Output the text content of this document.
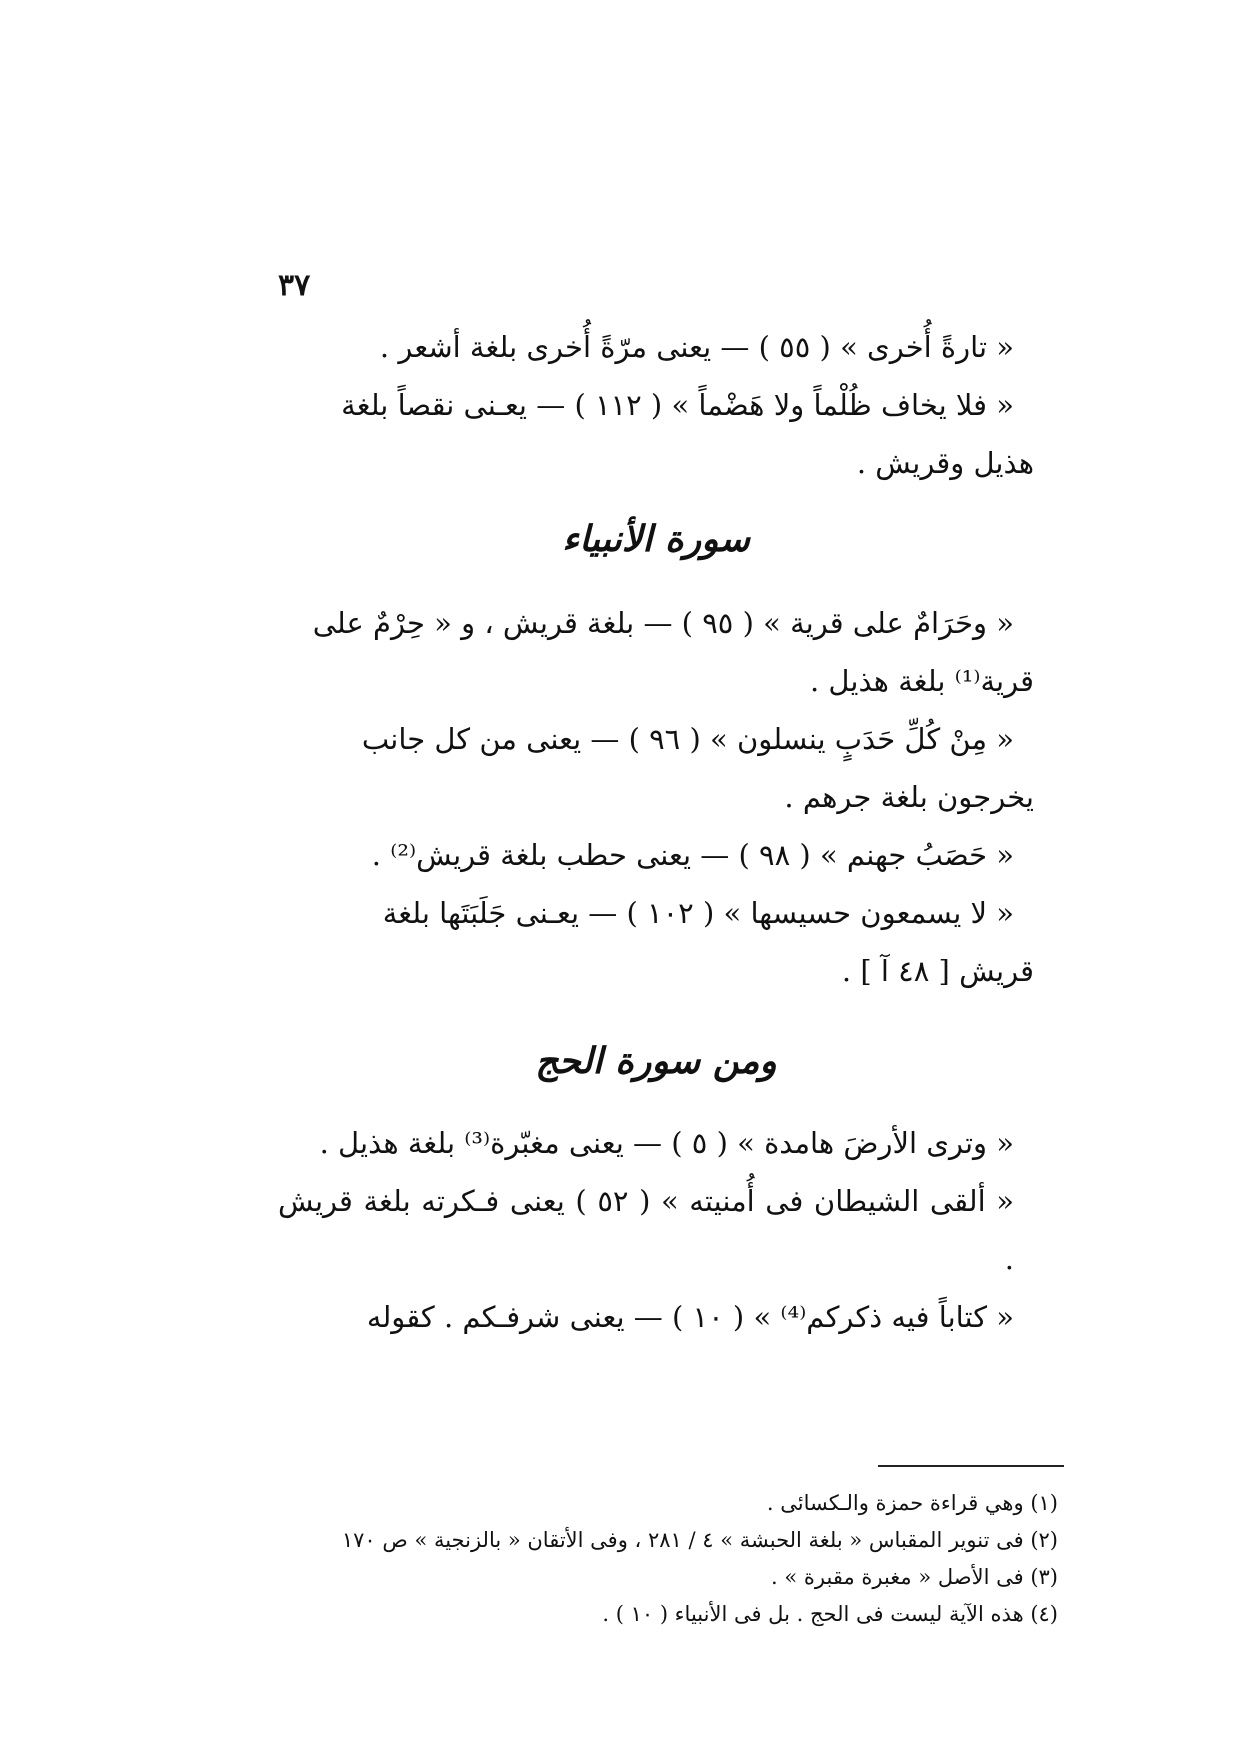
٣٧
« تارةً أُخرى » ( ٥٥ ) — يعنى مرّةً أُخرى بلغة أشعر .
« فلا يخاف ظُلْماً ولا هَضْماً » ( ١١٢ ) — يعـنى نقصاً بلغة
هذيل وقريش .
سورة الأنبياء
« وحَرَامٌ على قرية » ( ٩٥ ) — بلغة قريش ، و « حِرْمٌ على
قرية⁽¹⁾ بلغة هذيل .
« مِنْ كُلِّ حَدَبٍ ينسلون » ( ٩٦ ) — يعنى من كل جانب
يخرجون بلغة جرهم .
« حَصَبُ جهنم » ( ٩٨ ) — يعنى حطب بلغة قريش⁽²⁾ .
« لا يسمعون حسيسها » ( ١٠٢ ) — يعـنى جَلَبَتَها بلغة
قريش [ ٤٨ آ ] .
ومن سورة الحج
« وترى الأرضَ هامدة » ( ٥ ) — يعنى مغبّرة⁽³⁾ بلغة هذيل .
« ألقى الشيطان فى أُمنيته » ( ٥٢ ) يعنى فـكرته بلغة قريش .
« كتاباً فيه ذكركم⁽⁴⁾ » ( ١٠ ) — يعنى شرفـكم . كقوله
(١) وهي قراءة حمزة والـكسائى .
(٢) فى تنوير المقباس « بلغة الحبشة » ٤ / ٢٨١ ، وفى الأتقان « بالزنجية » ص ١٧٠
(٣) فى الأصل « مغبرة مقبرة » .
(٤) هذه الآية ليست فى الحج . بل فى الأنبياء ( ١٠ ) .
